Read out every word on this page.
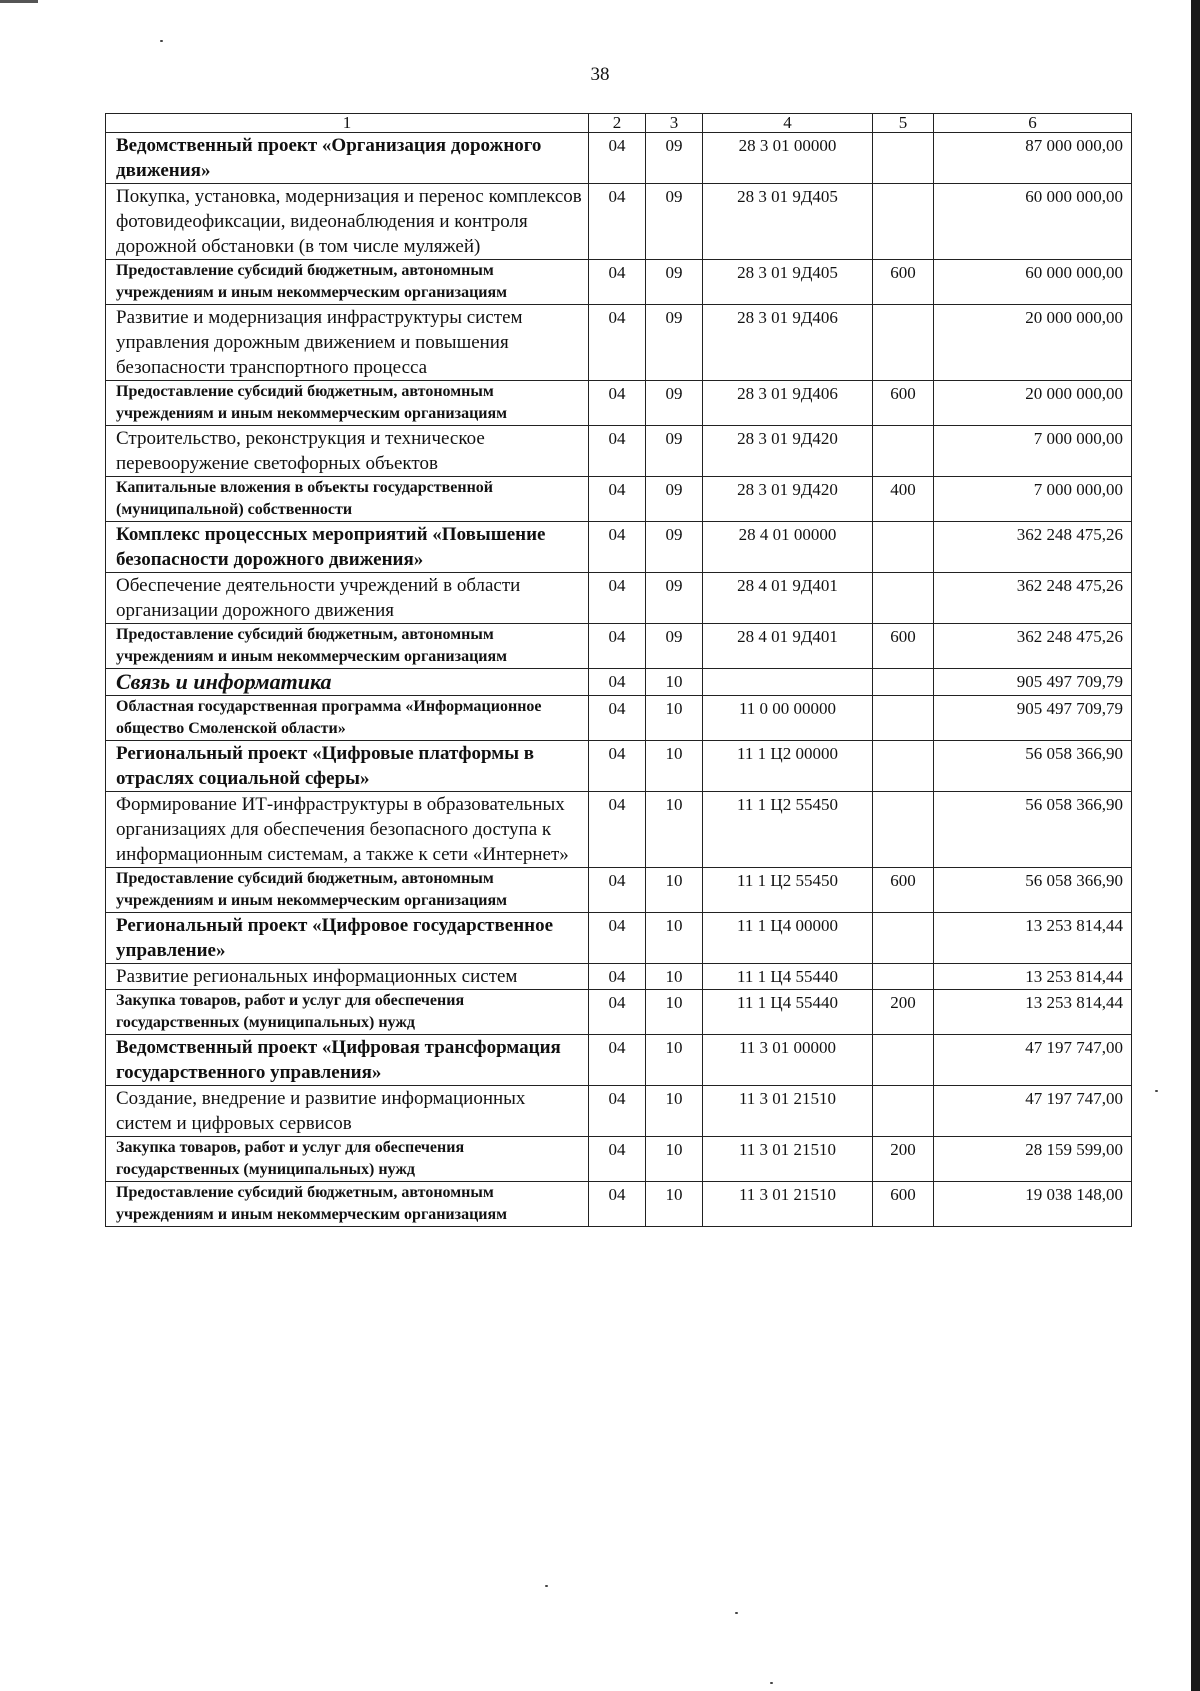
38
1	2	3	4	5	6

Ведомственный проект «Организация дорожного движения»	04	09	28 3 01 00000		87 000 000,00

Покупка, установка, модернизация и перенос комплексов фотовидеофиксации, видеонаблюдения и контроля дорожной обстановки (в том числе муляжей)	04	09	28 3 01 9Д405		60 000 000,00

Предоставление субсидий бюджетным, автономным учреждениям и иным некоммерческим организациям	04	09	28 3 01 9Д405	600	60 000 000,00

Развитие и модернизация инфраструктуры систем управления дорожным движением и повышения безопасности транспортного процесса	04	09	28 3 01 9Д406		20 000 000,00

Предоставление субсидий бюджетным, автономным учреждениям и иным некоммерческим организациям	04	09	28 3 01 9Д406	600	20 000 000,00

Строительство, реконструкция и техническое перевооружение светофорных объектов	04	09	28 3 01 9Д420		7 000 000,00

Капитальные вложения в объекты государственной (муниципальной) собственности	04	09	28 3 01 9Д420	400	7 000 000,00

Комплекс процессных мероприятий «Повышение безопасности дорожного движения»	04	09	28 4 01 00000		362 248 475,26

Обеспечение деятельности учреждений в области организации дорожного движения	04	09	28 4 01 9Д401		362 248 475,26

Предоставление субсидий бюджетным, автономным учреждениям и иным некоммерческим организациям	04	09	28 4 01 9Д401	600	362 248 475,26

Связь и информатика	04	10			905 497 709,79

Областная государственная программа «Информационное общество Смоленской области»	04	10	11 0 00 00000		905 497 709,79

Региональный проект «Цифровые платформы в отраслях социальной сферы»	04	10	11 1 Ц2 00000		56 058 366,90

Формирование ИТ-инфраструктуры в образовательных организациях для обеспечения безопасного доступа к информационным системам, а также к сети «Интернет»	04	10	11 1 Ц2 55450		56 058 366,90

Предоставление субсидий бюджетным, автономным учреждениям и иным некоммерческим организациям	04	10	11 1 Ц2 55450	600	56 058 366,90

Региональный проект «Цифровое государственное управление»	04	10	11 1 Ц4 00000		13 253 814,44

Развитие региональных информационных систем	04	10	11 1 Ц4 55440		13 253 814,44

Закупка товаров, работ и услуг для обеспечения государственных (муниципальных) нужд	04	10	11 1 Ц4 55440	200	13 253 814,44

Ведомственный проект «Цифровая трансформация государственного управления»	04	10	11 3 01 00000		47 197 747,00

Создание, внедрение и развитие информационных систем и цифровых сервисов	04	10	11 3 01 21510		47 197 747,00

Закупка товаров, работ и услуг для обеспечения государственных (муниципальных) нужд	04	10	11 3 01 21510	200	28 159 599,00

Предоставление субсидий бюджетным, автономным учреждениям и иным некоммерческим организациям	04	10	11 3 01 21510	600	19 038 148,00
